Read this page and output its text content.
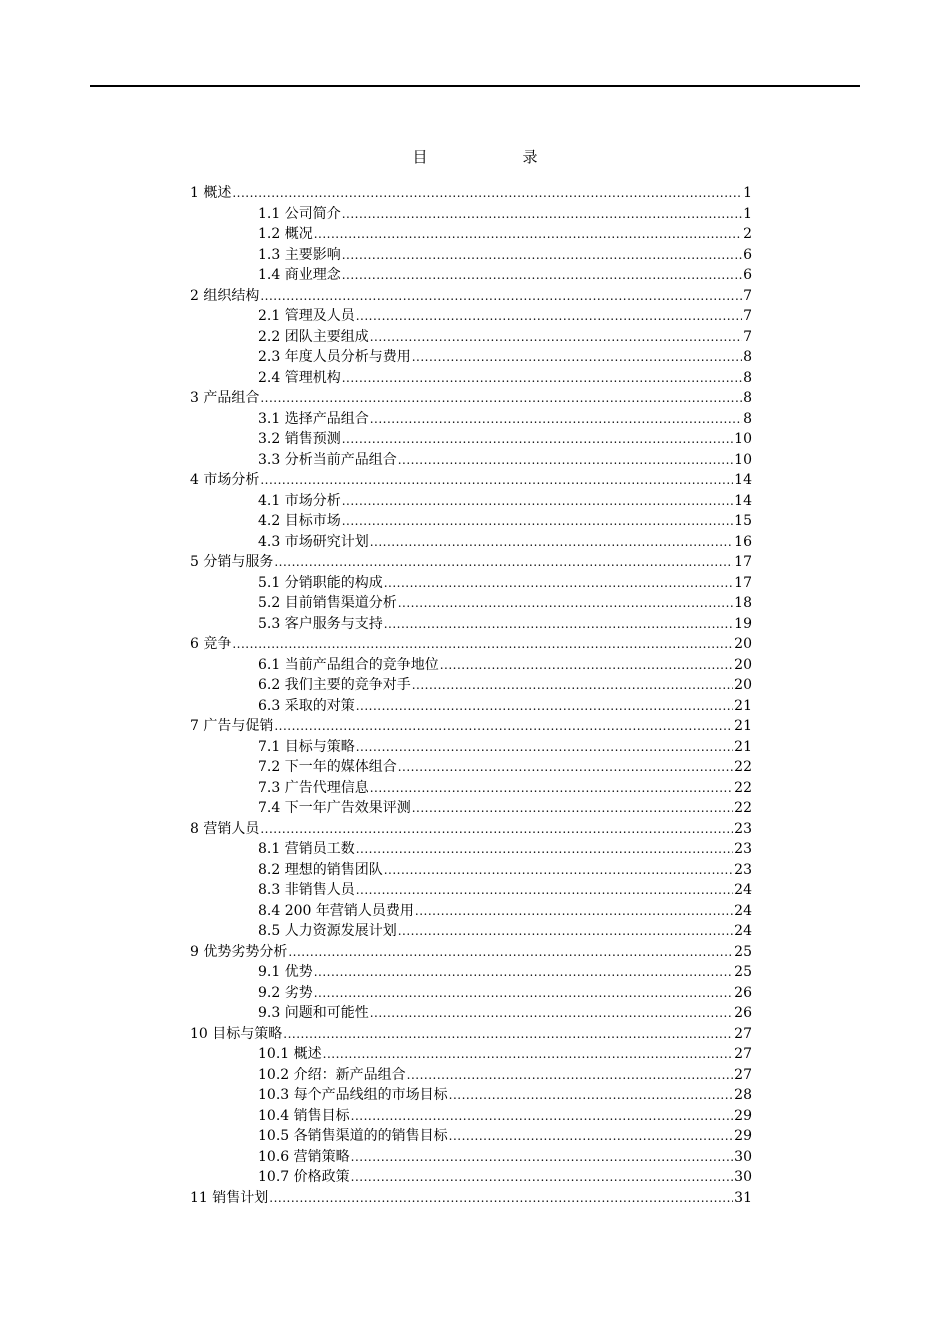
目　录
1 概述 .....	1
1.1 公司简介 .....	1
1.2 概况 .....	2
1.3 主要影响 .....	6
1.4 商业理念 .....	6
2 组织结构 .....	7
2.1 管理及人员 .....	7
2.2 团队主要组成 .....	7
2.3 年度人员分析与费用 .....	8
2.4 管理机构 .....	8
3 产品组合 .....	8
3.1 选择产品组合 .....	8
3.2 销售预测 .....	10
3.3 分析当前产品组合 .....	10
4 市场分析 .....	14
4.1 市场分析 .....	14
4.2 目标市场 .....	15
4.3 市场研究计划 .....	16
5 分销与服务 .....	17
5.1 分销职能的构成 .....	17
5.2 目前销售渠道分析 .....	18
5.3 客户服务与支持 .....	19
6 竞争 .....	20
6.1 当前产品组合的竞争地位 .....	20
6.2 我们主要的竞争对手 .....	20
6.3 采取的对策 .....	21
7 广告与促销 .....	21
7.1 目标与策略 .....	21
7.2 下一年的媒体组合 .....	22
7.3 广告代理信息 .....	22
7.4 下一年广告效果评测 .....	22
8 营销人员 .....	23
8.1 营销员工数 .....	23
8.2 理想的销售团队 .....	23
8.3 非销售人员 .....	24
8.4 200 年营销人员费用 .....	24
8.5 人力资源发展计划 .....	24
9 优势劣势分析 .....	25
9.1 优势 .....	25
9.2 劣势 .....	26
9.3 问题和可能性 .....	26
10 目标与策略 .....	27
10.1 概述 .....	27
10.2 介绍：新产品组合 .....	27
10.3 每个产品线组的市场目标 .....	28
10.4 销售目标 .....	29
10.5 各销售渠道的的销售目标 .....	29
10.6 营销策略 .....	30
10.7 价格政策 .....	30
11 销售计划 .....	31
